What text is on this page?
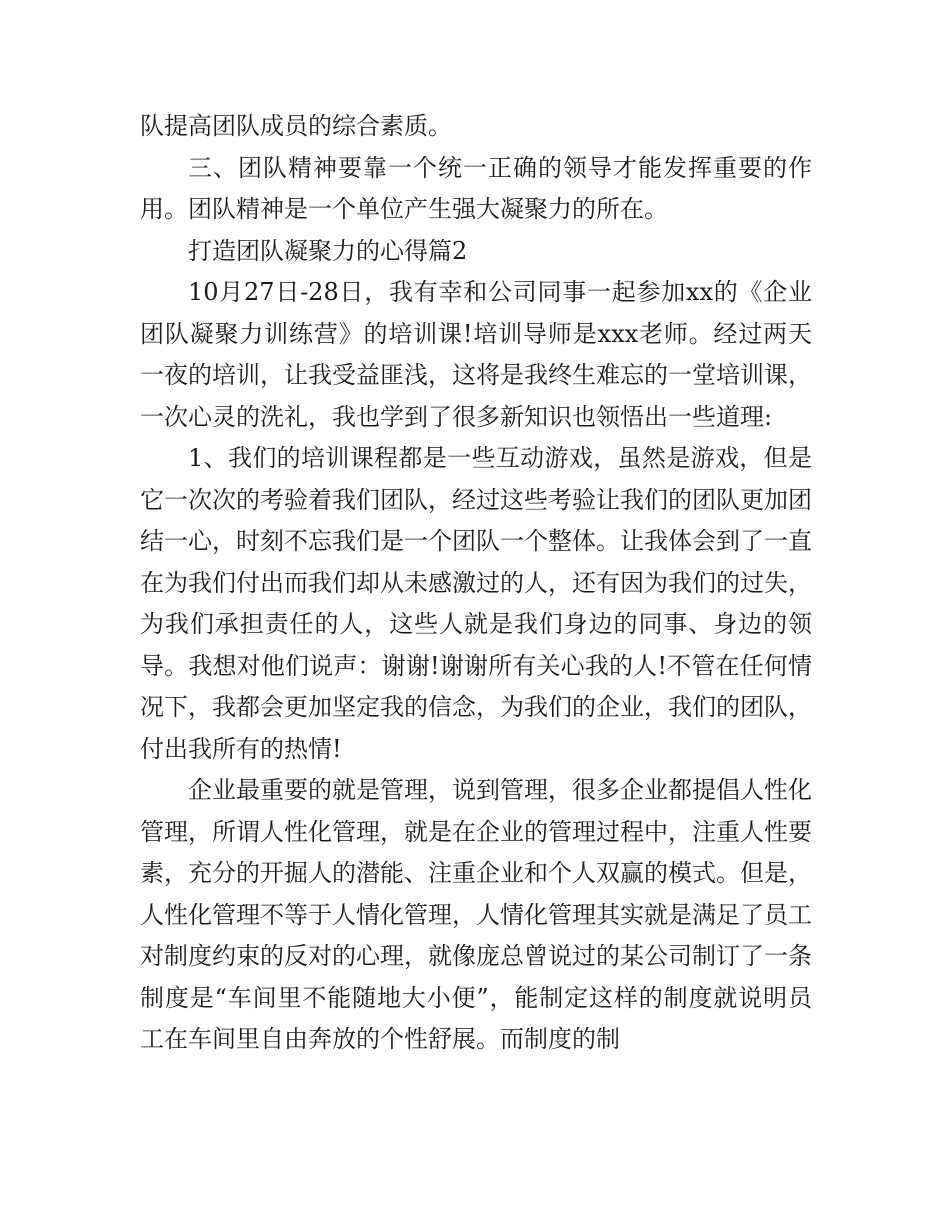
队提高团队成员的综合素质。

三、团队精神要靠一个统一正确的领导才能发挥重要的作用。团队精神是一个单位产生强大凝聚力的所在。

打造团队凝聚力的心得篇2

10月27日-28日，我有幸和公司同事一起参加xx的《企业团队凝聚力训练营》的培训课!培训导师是xxx老师。经过两天一夜的培训，让我受益匪浅，这将是我终生难忘的一堂培训课，一次心灵的洗礼，我也学到了很多新知识也领悟出一些道理:

1、我们的培训课程都是一些互动游戏，虽然是游戏，但是它一次次的考验着我们团队，经过这些考验让我们的团队更加团结一心，时刻不忘我们是一个团队一个整体。让我体会到了一直在为我们付出而我们却从未感激过的人，还有因为我们的过失，为我们承担责任的人，这些人就是我们身边的同事、身边的领导。我想对他们说声：谢谢!谢谢所有关心我的人!不管在任何情况下，我都会更加坚定我的信念，为我们的企业，我们的团队，付出我所有的热情!

企业最重要的就是管理，说到管理，很多企业都提倡人性化管理，所谓人性化管理，就是在企业的管理过程中，注重人性要素，充分的开掘人的潜能、注重企业和个人双赢的模式。但是，人性化管理不等于人情化管理，人情化管理其实就是满足了员工对制度约束的反对的心理，就像庞总曾说过的某公司制订了一条制度是“车间里不能随地大小便”，能制定这样的制度就说明员工在车间里自由奔放的个性舒展。而制度的制
